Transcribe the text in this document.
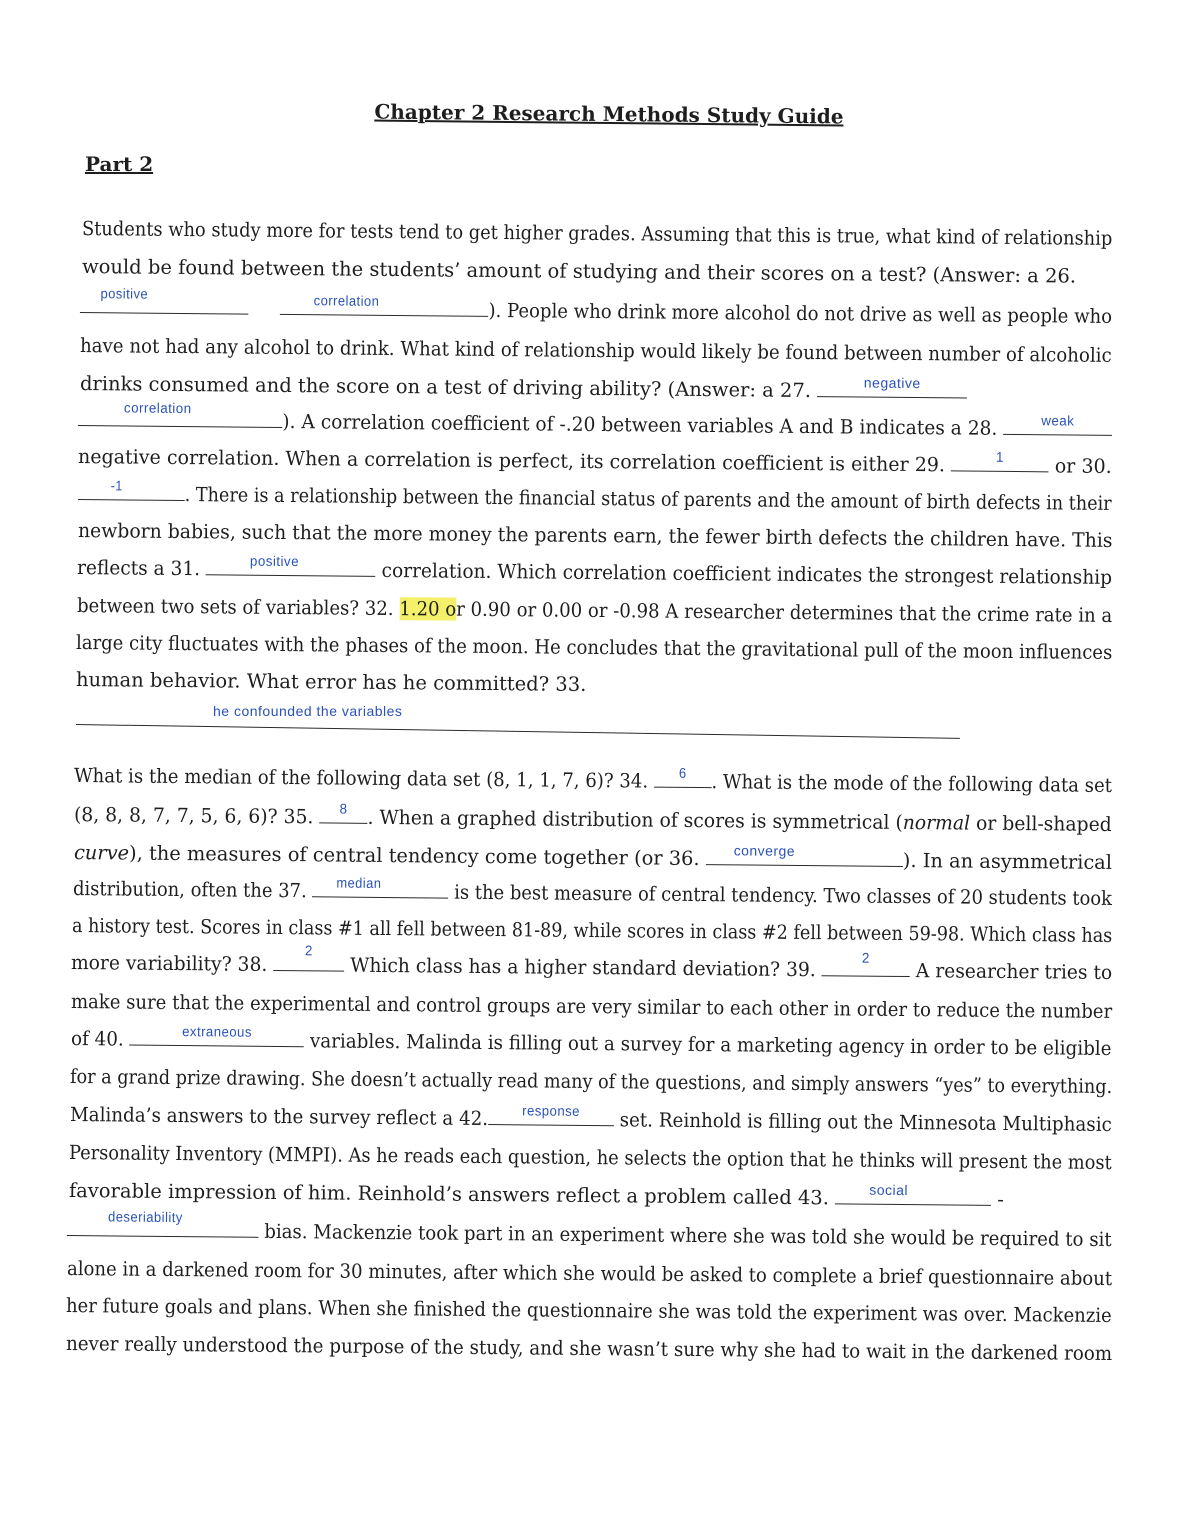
Chapter 2 Research Methods Study Guide
Part 2
Students who study more for tests tend to get higher grades. Assuming that this is true, what kind of relationship
would be found between the students’ amount of studying and their scores on a test? (Answer: a 26.
positive
	correlation	). People who drink more alcohol do not drive as well as people who
have not had any alcohol to drink. What kind of relationship would likely be found between number of alcoholic
drinks consumed and the score on a test of driving ability? (Answer: a 27.	negative
correlation
). A correlation coefficient of -.20 between variables A and B indicates a 28.	weak
negative correlation. When a correlation is perfect, its correlation coefficient is either 29.	1	or 30.
-1	. There is a relationship between the financial status of parents and the amount of birth defects in their
newborn babies, such that the more money the parents earn, the fewer birth defects the children have. This
reflects a 31.	positive	correlation. Which correlation coefficient indicates the strongest relationship
between two sets of variables? 32. 1.20 or 0.90 or 0.00 or -0.98 A researcher determines that the crime rate in a
large city fluctuates with the phases of the moon. He concludes that the gravitational pull of the moon influences
human behavior. What error has he committed? 33.
he confounded the variables
What is the median of the following data set (8, 1, 1, 7, 6)? 34.	6	. What is the mode of the following data set
(8, 8, 8, 7, 7, 5, 6, 6)? 35.	8	. When a graphed distribution of scores is symmetrical (normal or bell-shaped
curve), the measures of central tendency come together (or 36. converge	). In an asymmetrical
distribution, often the 37. median	is the best measure of central tendency. Two classes of 20 students took
a history test. Scores in class #1 all fell between 81-89, while scores in class #2 fell between 59-98. Which class has
more variability? 38.
2
Which class has a higher standard deviation? 39.	2
A researcher tries to
make sure that the experimental and control groups are very similar to each other in order to reduce the number
of 40.	extraneous	variables. Malinda is filling out a survey for a marketing agency in order to be eligible
for a grand prize drawing. She doesn’t actually read many of the questions, and simply answers “yes” to everything.
Malinda’s answers to the survey reflect a 42.	response	set. Reinhold is filling out the Minnesota Multiphasic
Personality Inventory (MMPI). As he reads each question, he selects the option that he thinks will present the most
favorable impression of him. Reinhold’s answers reflect a problem called 43.	social	-
deseriability
bias. Mackenzie took part in an experiment where she was told she would be required to sit
alone in a darkened room for 30 minutes, after which she would be asked to complete a brief questionnaire about
her future goals and plans. When she finished the questionnaire she was told the experiment was over. Mackenzie
never really understood the purpose of the study, and she wasn’t sure why she had to wait in the darkened room
